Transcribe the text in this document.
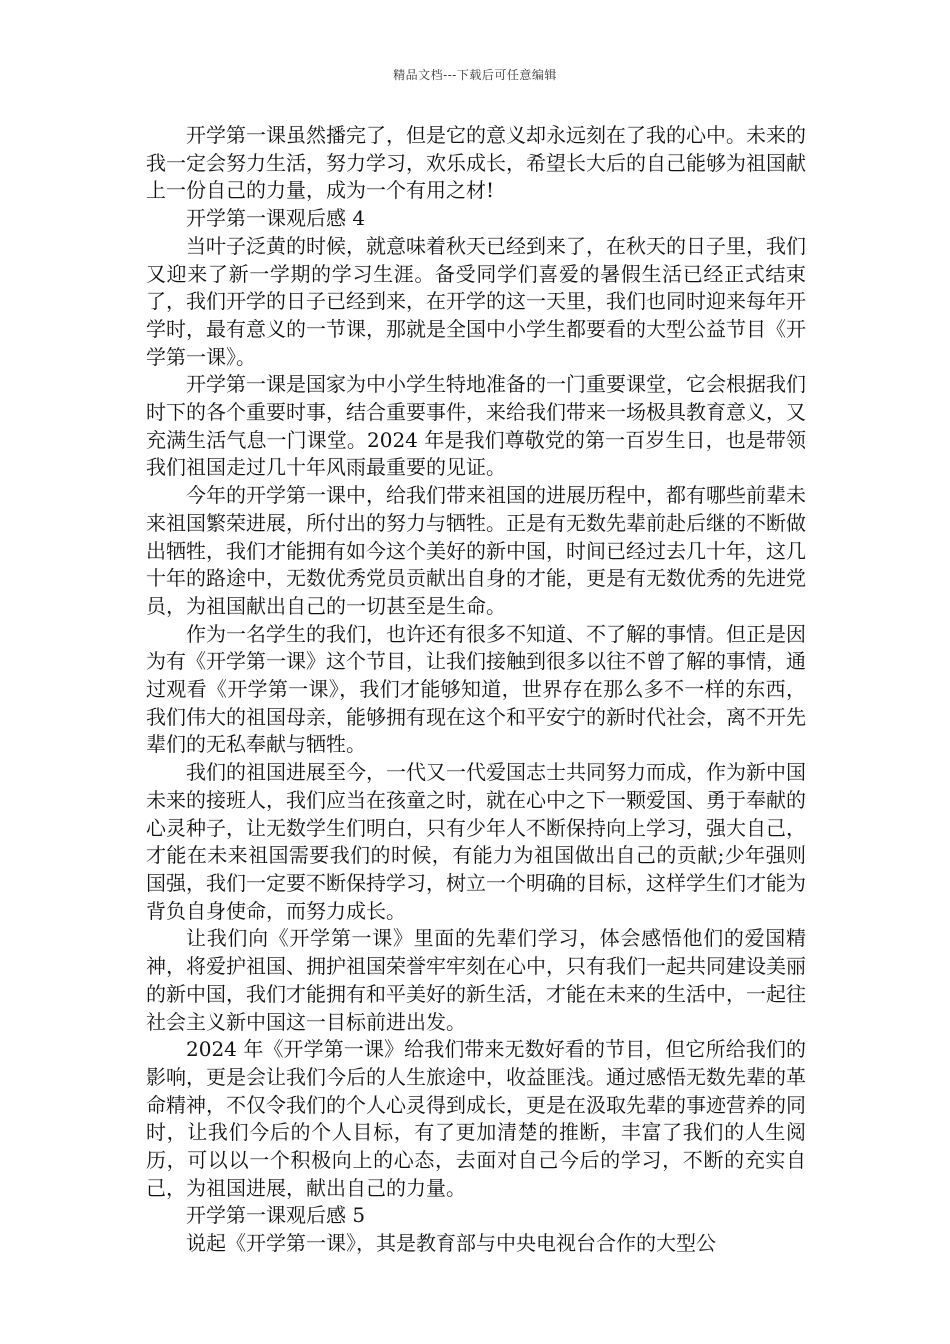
精品文档---下载后可任意编辑

开学第一课虽然播完了，但是它的意义却永远刻在了我的心中。未来的我一定会努力生活，努力学习，欢乐成长，希望长大后的自己能够为祖国献上一份自己的力量，成为一个有用之材!

开学第一课观后感 4

当叶子泛黄的时候，就意味着秋天已经到来了，在秋天的日子里，我们又迎来了新一学期的学习生涯。备受同学们喜爱的暑假生活已经正式结束了，我们开学的日子已经到来，在开学的这一天里，我们也同时迎来每年开学时，最有意义的一节课，那就是全国中小学生都要看的大型公益节目《开学第一课》。

开学第一课是国家为中小学生特地准备的一门重要课堂，它会根据我们时下的各个重要时事，结合重要事件，来给我们带来一场极具教育意义，又充满生活气息一门课堂。2024 年是我们尊敬党的第一百岁生日，也是带领我们祖国走过几十年风雨最重要的见证。

今年的开学第一课中，给我们带来祖国的进展历程中，都有哪些前辈未来祖国繁荣进展，所付出的努力与牺牲。正是有无数先辈前赴后继的不断做出牺牲，我们才能拥有如今这个美好的新中国，时间已经过去几十年，这几十年的路途中，无数优秀党员贡献出自身的才能，更是有无数优秀的先进党员，为祖国献出自己的一切甚至是生命。

作为一名学生的我们，也许还有很多不知道、不了解的事情。但正是因为有《开学第一课》这个节目，让我们接触到很多以往不曾了解的事情，通过观看《开学第一课》，我们才能够知道，世界存在那么多不一样的东西，我们伟大的祖国母亲，能够拥有现在这个和平安宁的新时代社会，离不开先辈们的无私奉献与牺牲。

我们的祖国进展至今，一代又一代爱国志士共同努力而成，作为新中国未来的接班人，我们应当在孩童之时，就在心中之下一颗爱国、勇于奉献的心灵种子，让无数学生们明白，只有少年人不断保持向上学习，强大自己，才能在未来祖国需要我们的时候，有能力为祖国做出自己的贡献;少年强则国强，我们一定要不断保持学习，树立一个明确的目标，这样学生们才能为背负自身使命，而努力成长。

让我们向《开学第一课》里面的先辈们学习，体会感悟他们的爱国精神，将爱护祖国、拥护祖国荣誉牢牢刻在心中，只有我们一起共同建设美丽的新中国，我们才能拥有和平美好的新生活，才能在未来的生活中，一起往社会主义新中国这一目标前进出发。

2024 年《开学第一课》给我们带来无数好看的节目，但它所给我们的影响，更是会让我们今后的人生旅途中，收益匪浅。通过感悟无数先辈的革命精神，不仅令我们的个人心灵得到成长，更是在汲取先辈的事迹营养的同时，让我们今后的个人目标，有了更加清楚的推断，丰富了我们的人生阅历，可以以一个积极向上的心态，去面对自己今后的学习，不断的充实自己，为祖国进展，献出自己的力量。

开学第一课观后感 5

说起《开学第一课》，其是教育部与中央电视台合作的大型公
